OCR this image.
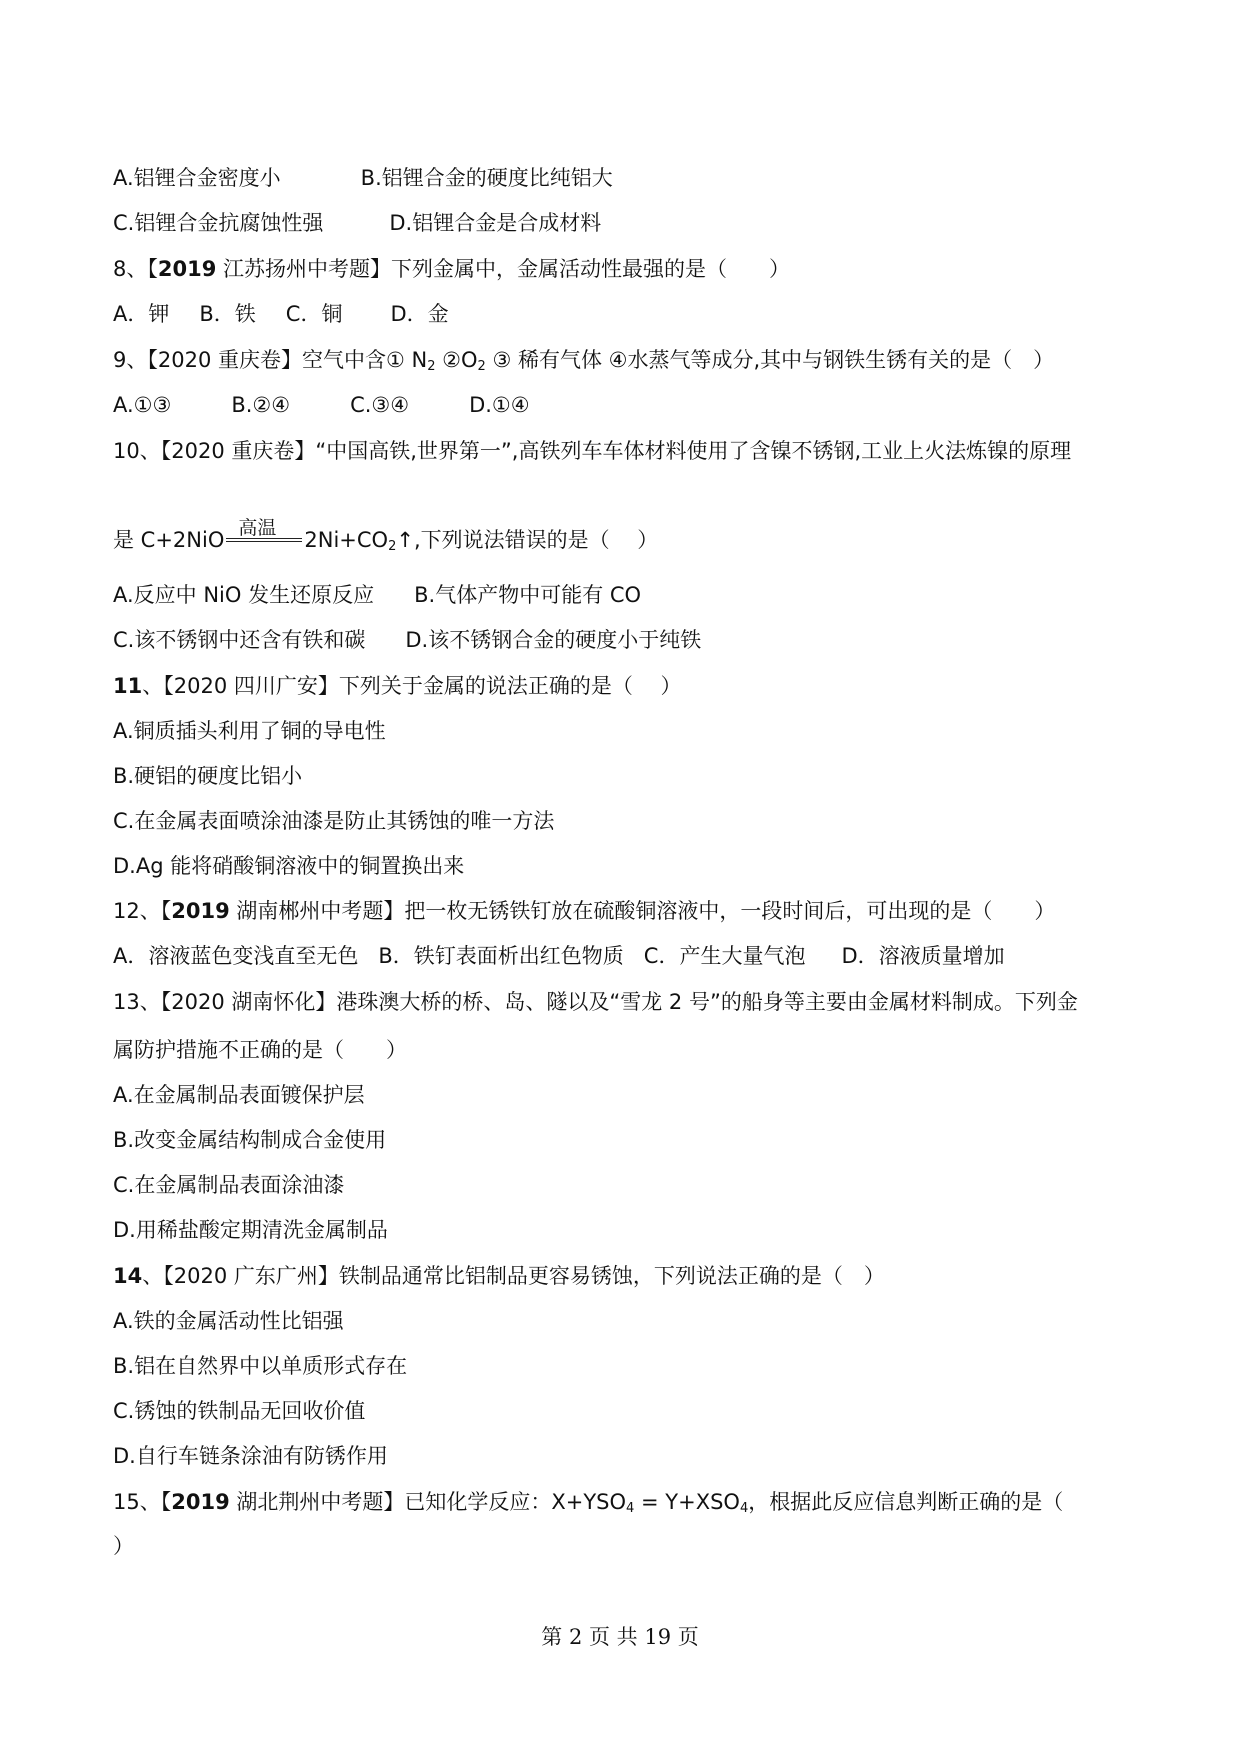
A.铝锂合金密度小	B.铝锂合金的硬度比纯铝大
C.铝锂合金抗腐蚀性强	D.铝锂合金是合成材料
8、【2019 江苏扬州中考题】下列金属中，金属活动性最强的是（　　）
A．钾 B．铁 C．铜 D．金
9、【2020 重庆卷】空气中含① $N_2$ $②O_2$ ③ 稀有气体 ④水蒸气等成分,其中与钢铁生锈有关的是（　）
A.①③	B.②④	C.③④	D.①④
10、【2020 重庆卷】“中国高铁,世界第一”,高铁列车车体材料使用了含镍不锈钢,工业上火法炼镍的原理
是 C+2NiO 高温 $2Ni+CO_2↑$,下列说法错误的是（　 ）
A.反应中 NiO 发生还原反应 B.气体产物中可能有 CO
C.该不锈钢中还含有铁和碳 D.该不锈钢合金的硬度小于纯铁
11、【2020 四川广安】下列关于金属的说法正确的是（　 ）
A.铜质插头利用了铜的导电性
B.硬铝的硬度比铝小
C.在金属表面喷涂油漆是防止其锈蚀的唯一方法
D.Ag 能将硝酸铜溶液中的铜置换出来
12、【2019 湖南郴州中考题】把一枚无锈铁钉放在硫酸铜溶液中，一段时间后，可出现的是（　　）
A．溶液蓝色变浅直至无色 B．铁钉表面析出红色物质 C．产生大量气泡 D．溶液质量增加
13、【2020 湖南怀化】港珠澳大桥的桥、岛、隧以及“雪龙 2 号”的船身等主要由金属材料制成。下列金
属防护措施不正确的是（　　）
A.在金属制品表面镀保护层
B.改变金属结构制成合金使用
C.在金属制品表面涂油漆
D.用稀盐酸定期清洗金属制品
14、【2020 广东广州】铁制品通常比铝制品更容易锈蚀，下列说法正确的是（　）
A.铁的金属活动性比铝强
B.铝在自然界中以单质形式存在
C.锈蚀的铁制品无回收价值
D.自行车链条涂油有防锈作用
15、【2019 湖北荆州中考题】已知化学反应：$X+YSO_4 = Y+XSO_4$，根据此反应信息判断正确的是（
）
第 2 页 共 19 页
